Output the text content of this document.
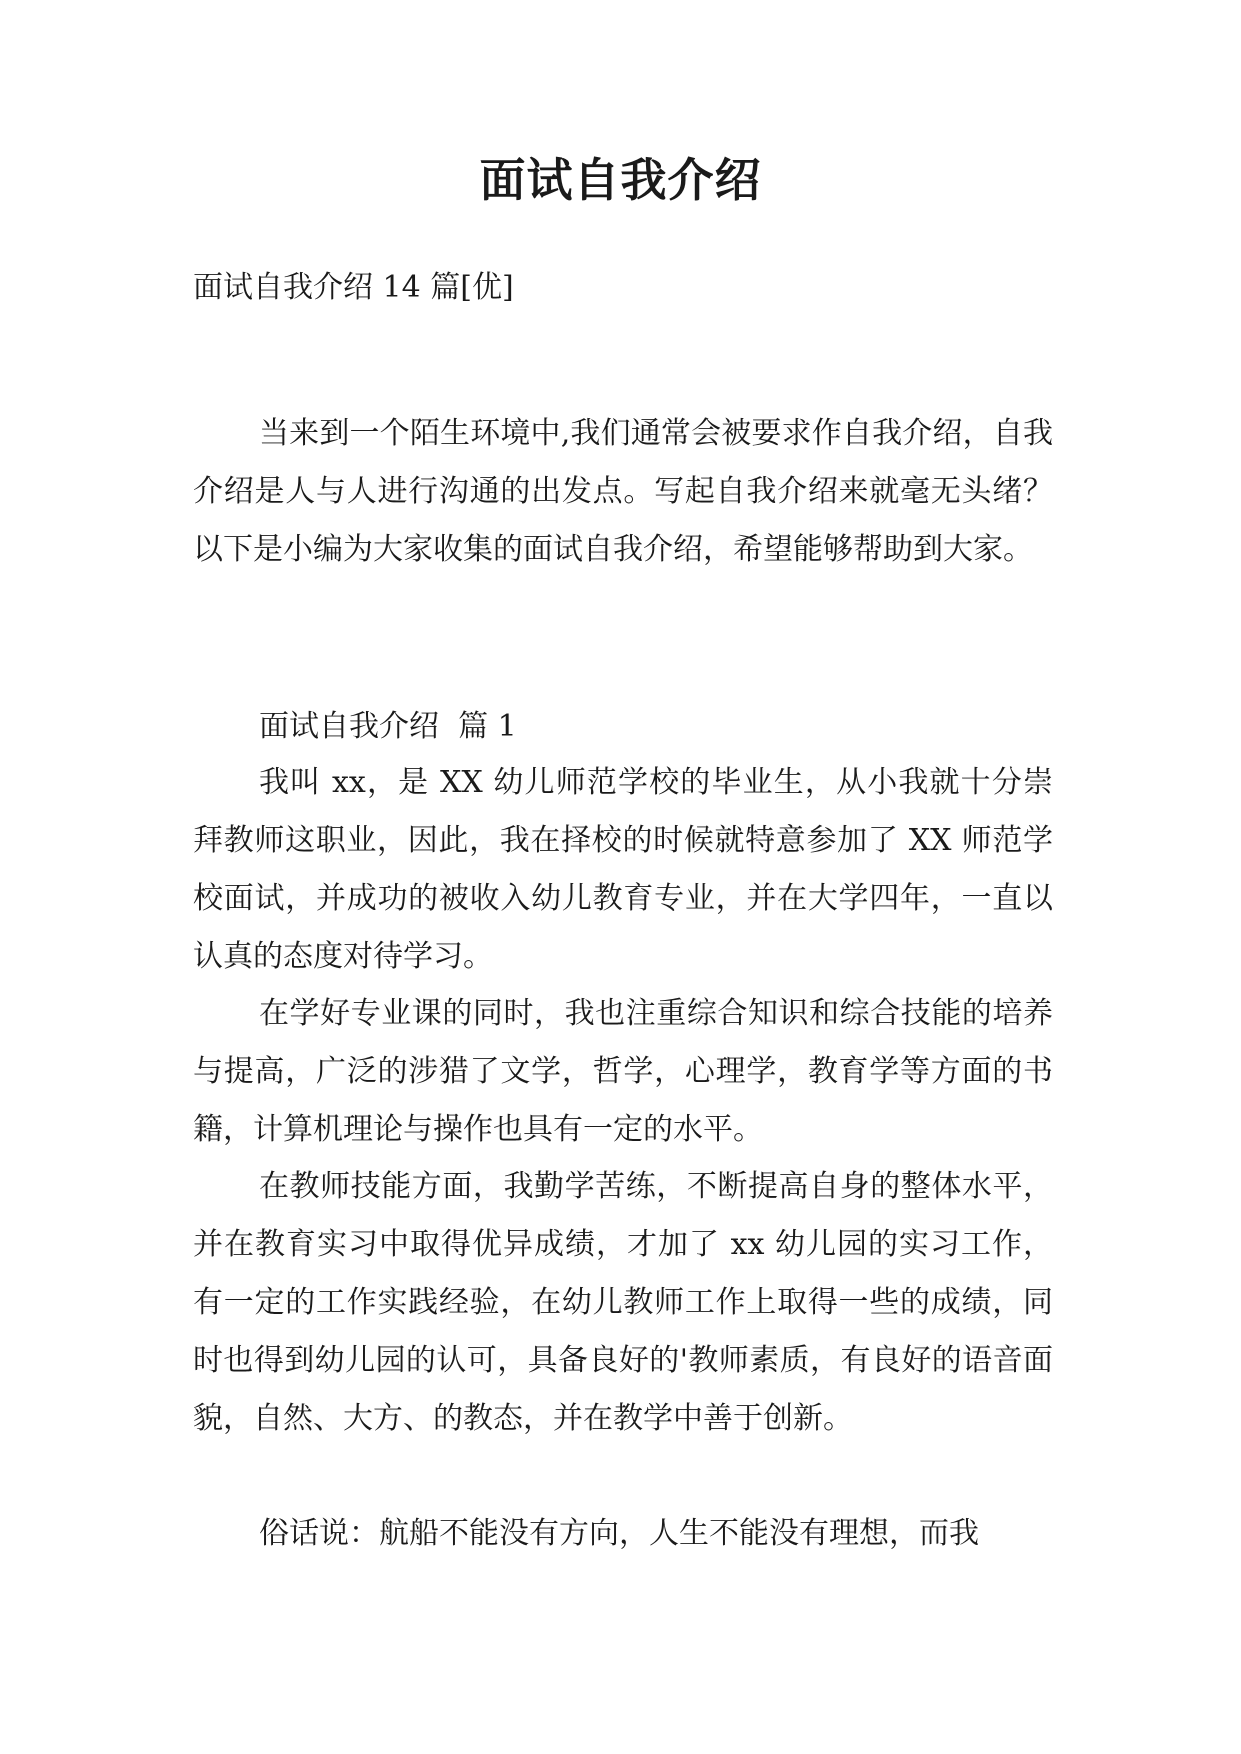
面试自我介绍

面试自我介绍 14 篇[优]

当来到一个陌生环境中,我们通常会被要求作自我介绍，自我介绍是人与人进行沟通的出发点。写起自我介绍来就毫无头绪？以下是小编为大家收集的面试自我介绍，希望能够帮助到大家。

面试自我介绍  篇 1

我叫 xx，是 XX 幼儿师范学校的毕业生，从小我就十分崇拜教师这职业，因此，我在择校的时候就特意参加了 XX 师范学校面试，并成功的被收入幼儿教育专业，并在大学四年，一直以认真的态度对待学习。

在学好专业课的同时，我也注重综合知识和综合技能的培养与提高，广泛的涉猎了文学，哲学，心理学，教育学等方面的书籍，计算机理论与操作也具有一定的水平。

在教师技能方面，我勤学苦练，不断提高自身的整体水平，并在教育实习中取得优异成绩，才加了 xx 幼儿园的实习工作，有一定的工作实践经验，在幼儿教师工作上取得一些的成绩，同时也得到幼儿园的认可，具备良好的'教师素质，有良好的语音面貌，自然、大方、的教态，并在教学中善于创新。

俗话说：航船不能没有方向，人生不能没有理想，而我
